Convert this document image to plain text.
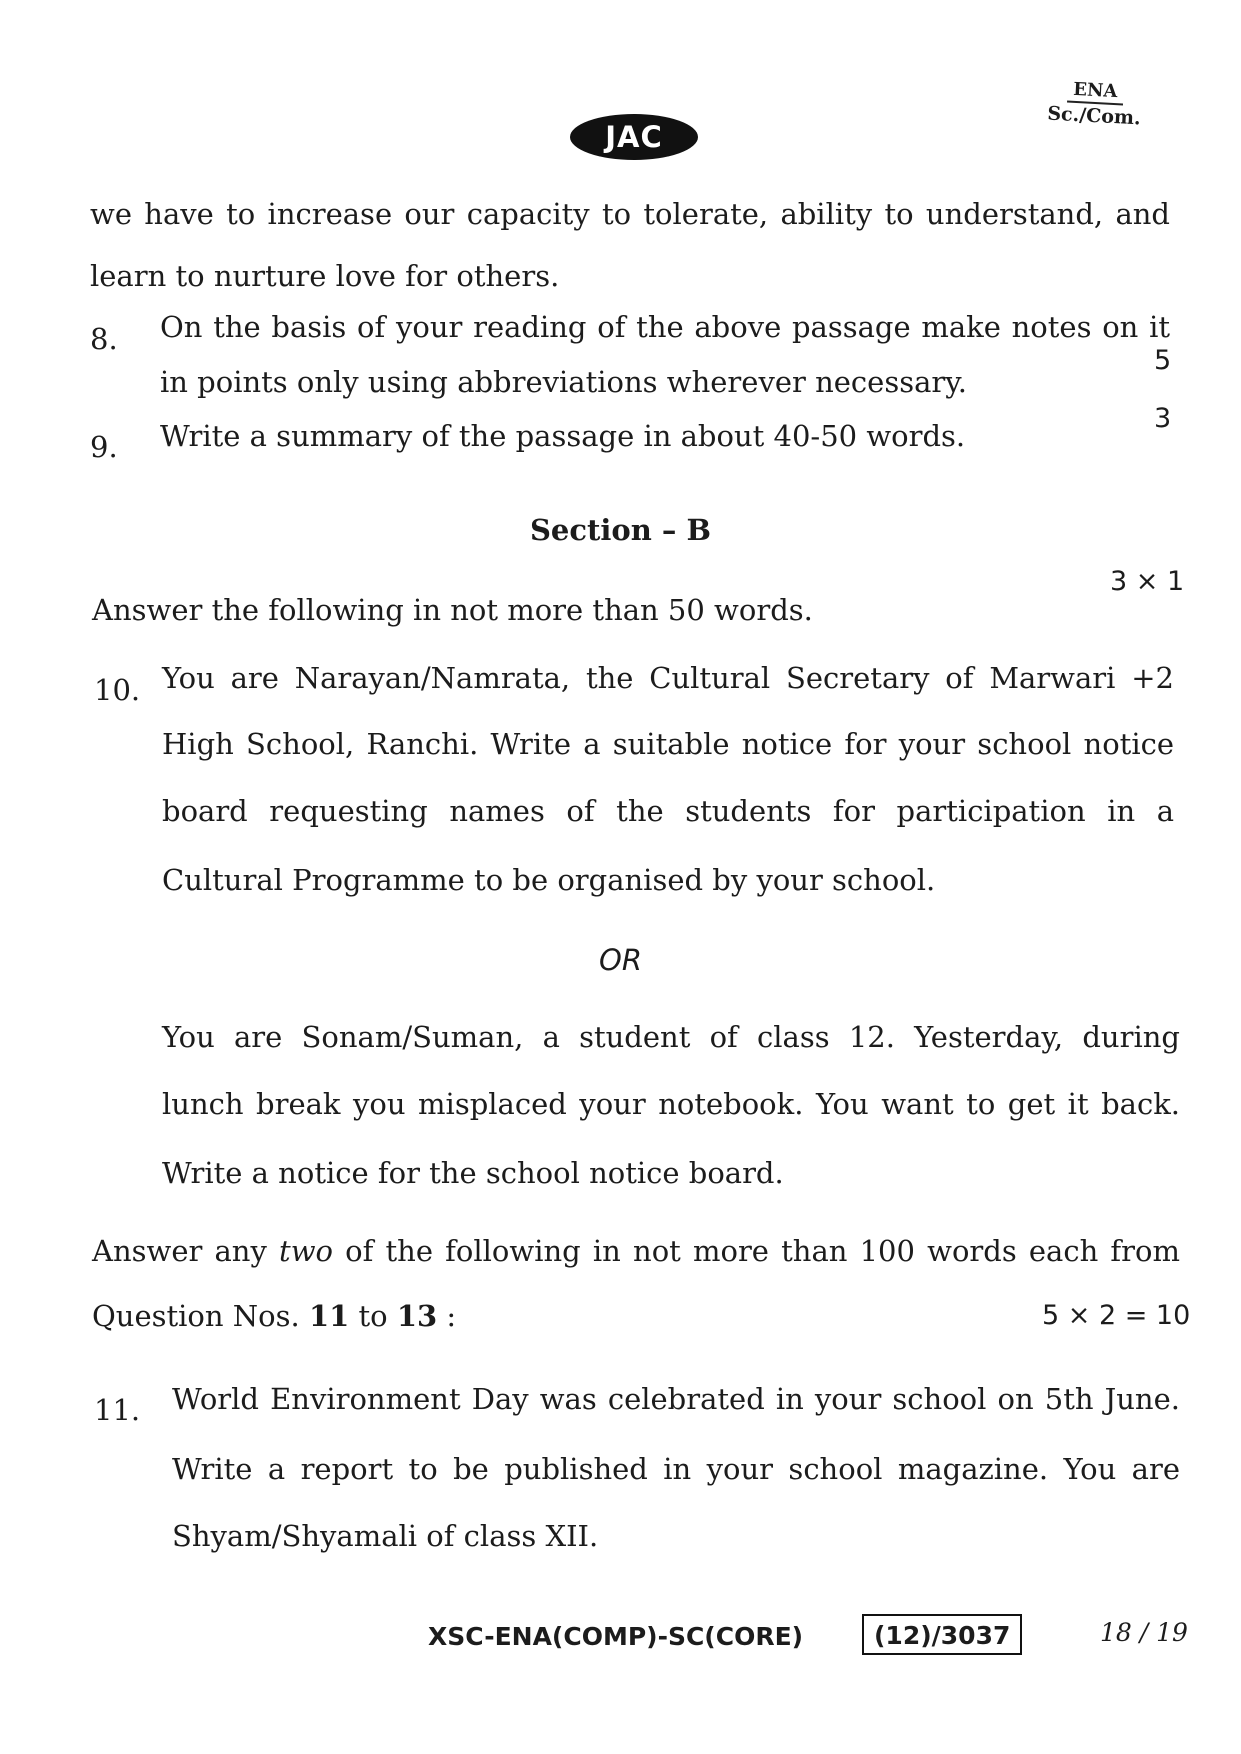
JAC
ENA
Sc./Com.
we have to increase our capacity to tolerate, ability to understand, and
learn to nurture love for others.
8. On the basis of your reading of the above passage make notes on it
in points only using abbreviations wherever necessary.
5
9. Write a summary of the passage in about 40-50 words.
3
Section – B
Answer the following in not more than 50 words.
3 × 1
10. You are Narayan/Namrata, the Cultural Secretary of Marwari +2
High School, Ranchi. Write a suitable notice for your school notice
board requesting names of the students for participation in a
Cultural Programme to be organised by your school.
OR
You are Sonam/Suman, a student of class 12. Yesterday, during
lunch break you misplaced your notebook. You want to get it back.
Write a notice for the school notice board.
Answer any two of the following in not more than 100 words each from
Question Nos. 11 to 13 :	5 × 2 = 10
11. World Environment Day was celebrated in your school on 5th June.
Write a report to be published in your school magazine. You are
Shyam/Shyamali of class XII.
XSC-ENA(COMP)-SC(CORE)	(12)/3037	18 / 19
